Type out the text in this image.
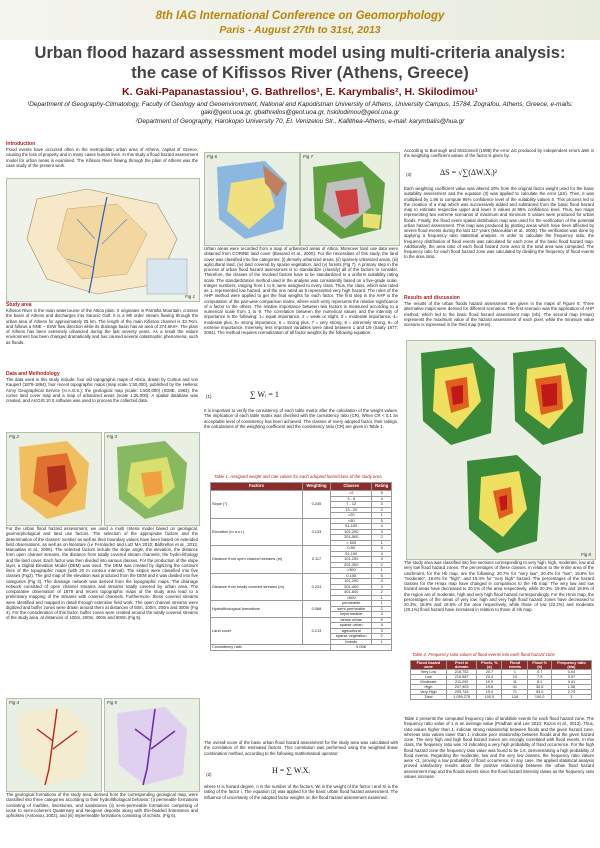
8th IAG International Conference on Geomorphology
Paris - August 27th to 31st, 2013
Urban flood hazard assessment model using multi-criteria analysis:
the case of Kifissos River (Athens, Greece)
K. Gaki-Papanastassiou¹, G. Bathrellos¹, E. Karymbalis², H. Skilodimou¹
¹Department of Geography-Climatology, Faculty of Geology and Geoenvironment, National and Kapodistrian University of Athens, University Campus, 15784, Zografou, Athens, Greece, e-mails: gaki@geol.uoa.gr, gbathrellos@geol.uoa.gr, hskilodimou@geol.uoa.gr
²Department of Geography, Harokopio University 70, El. Venizelou Str., Kallithea-Athens, e-mail: karymbalis@hua.gr
Introduction
Flood events have occurred often in the metropolitan urban area of Athens, capital of Greece, causing the loss of property and in many cases human lives. In this study a flood hazard assessment model for urban areas is examined. The Kifissos River flowing through the plain of Athens was the case study of the present work.
Fig 1
Study area
Kifissos River is the main watercourse of the Attica plain. It originates in Parnitha Mountain, crosses the basin of Athens and discharges into Saronic Gulf. It is a 9th order stream flowing through the urban area of Athens for approximately 25 km. The length of the main Kifissos channel is 33.7Km, and follows a NNE – SSW flow direction while its drainage basin has an area of 374.6Km². The plain of Athens has been extremely urbanized during the last seventy years. As a result the nature environment has been changed dramatically and has caused several catastrophic phenomena, such as floods.
Data and Methodology
The data used in this study include: four old topographic maps of Attica, drawn by Curtius and von Kaupert (1878-1894), four recent topographic maps (map scale 1:50,000), published by the Hellenic Army Geographical Service (H.A.G.S.); the geological map (scale: 1:500,000) (IGME, 1983); the corine land cover map and a map of urbanized areas (scale 1:25,000). A spatial database was created, and ArcGIS 10.0 software was used to process the collected data.
Fig 2	Fig 3
For the urban flood hazard assessment, we used a multi criteria model based on geological, geomorphological and land use factors. The selection of the appropriate factors and the determination of the classes' number as well as their boundary values have been based on extended field observations, as well as on literature (i.e Fernández and Lutz MA 2010; Bathrellos et al., 2013, Marouklan et al., 2005). The selected factors include the slope angle, the elevation, the distance from open channel streams, the distance from totally covered stream channels, the hydro-lithology and the land cover. Each factor was then divided into various classes. For the production of the slope layer, a Digital Elevation Model (DEM) was used. The DEM was created by digitizing the contours lines of the topographic maps (with 20 m contour interval). The slopes were classified into five classes (Fig2). The grid map of the elevation was produced from the DEM and it was divided into five categories (Fig 3). The drainage network was derived from the topographic maps. The drainage network consisted of open channel streams and streams totally covered by urban area. The comparative observation of 1878 and recent topographic maps of the study area lead to a preliminary mapping of the streams with covered channels. Furthermore, these covered streams were identified and mapped in detail through extensive field work. The open channel streams were digitized and buffer zones were drawn around them at distances of 50m, 100m, 200m and 300m (Fig 4). For the consideration of this factor, buffer zones were created around the totally covered streams of the study area, at distances of 100m, 200m, 400m and 600m (Fig 5).
Fig 4	Fig 5
The geological formations of the study area, derived from the corresponding geological map, were classified into three categories according to their hydrolithological behavior: (i) permeable formations consisting of marbles, limestones, and sandstones (ii) semi-permeable formations comprising of loose to semi-coherent Quaternary and Neogene deposits along with thin-bedded limestones and ophiolites (Antoniou, 2002), and (iii) impermeable formations consisting of schists. (Fig 6).
Fig 6	Fig 7
Urban areas were recorded from a map of urbanized areas of Attica. Moreover land use data were obtained from CORINE land cover (Bossard et al., 2000). For the necessities of this study, the land cover was classified into five categories: (i) densely urbanized areas, (ii) sparsely urbanized areas, (iii) agricultural land, (iv) land covered by sparse vegetation, and (v) forests (Fig 7). A primary step in the process of urban flood hazard assessment is to standardize (classify) all of the factors to consider. Therefore, the classes of the involved factors have to be standardized to a uniform suitability rating scale. The standardization method used in the analysis was consistently based on a five-grade scale. Integer numbers, ranging from 1 to 5, were assigned to every class. Thus, the class, which was rated as 1, represented low hazard, and the one rated as 5 represented very high hazard. The rules of the AHP method were applied to get the final weights for each factor. The first step in the AHP is the computation of the pair-wise comparison matrix, where each entry represents the relative significance of a factor to the others. The relative importance between two factors is measured according to a numerical scale from 1 to 9. The correlation between the numerical values and the intensity of importance is the following: 1= equal importance, 2 = weak or slight, 3 = moderate importance, 4= moderate plus, 5= strong importance, 6 = strong plus, 7 = very strong, 8 = extremely strong, 9= of extreme importance. Inversely, less important variables were rated between 1 and 1/9 (Saaty 1977; 2004). The method requires normalization of all factor weights by the following equation:
(1)	∑ Wᵢ = 1
It is important to verify the consistency of each table matrix after the calculation of the weight values. The implication of each table matrix was checked with the consistency ratio (CR). When CR < 0.1 an acceptable level of consistency has been achieved. The classes of every adopted factor, their ratings, the calculations of the weighting coefficient and the consistency ratio (CR) are given in Table 1.
Table 1. Assigned weight and rate values for each adopted factor/class of the study area
Factors	Weighting	Classes	Rating
Slope (°)	0.245	<2	5
		3 - 6	4
		7 - 12	3
		13 - 20	2
		>20	1
Elevation (m a.s.l.)	0.133	<50	5
		51-100	4
		101-200	3
		201-500	2
		> 500	1
Distance from open channel streams (m)	0.117	0-50	5
		51-100	4
		101-200	3
		201-300	2
		>300	1
Distance from totally covered streams (m)	0.224	0-100	5
		101-200	4
		201-400	3
		401-600	2
		>600	1
Hydrolithological formations	0.068	permeable	1
		semi-permeable	2
		impermeable	3
Land cover	0.213	dense urban	5
		sparse urban	4
		agricultural	3
		sparse vegetation	2
		forests	1
Consistency ratio		0.006	
The overall score of the basic urban flood hazard assessment for the study area was calculated with the correlation of the estimated factors. This correlation was performed using the weighted linear combination method, according to the following mathematical operator:
(2)	H = ∑ WᵢXᵢ
where H is hazard degree, n is the number of the factors, Wi is the weight of the factor i and Xi is the rating of the factor i. The equation (2) was applied for the basic urban flood hazard assessment. The influence of uncertainty of the adopted factor weights on the flood hazard assessment examined.
According to Burrough and McDonnell (1998) the error ΔS produced by independent errors ΔWi in the weighting coefficient values of the factor is given by:
(3)	ΔS = √∑(ΔWᵢXᵢ)²
Each weighting coefficient value was altered 20% from the original factor weight used for the basic suitability assessment and the equation (3) was applied to calculate the error (ΔS). Then, it was multiplied by 1.96 to compute 95% confidence level of the suitability values S. This process led to the creation of a map which was successively added and subtracted from the basic flood hazard map to estimate respective upper and lower S values at 95% confidence level. Thus, two maps representing two extreme scenarios of maximum and minimum S values were produced for urban floods. Finally, the flood event spatial distribution map was used for the verification of the potential urban hazard assessment. This map was produced by plotting areas which have been affected by severe flood events during the last 117 years (Marouklan et al., 2005). The verification was done by applying a frequency ratio statistical analysis. In order to calculate the frequency ratio, the frequency distribution of flood events was calculated for each zone of the basic flood hazard map. Additionally, the area ratio of each flood hazard zone area to the total area was computed. The frequency ratio for each flood hazard zone was calculated by dividing the frequency of flood events to the area ratio.
Results and discussion
The results of the urban floods hazard assessment are given in the maps of Figure 8. Three alternative maps were derived for different scenarios. The first scenario was the application of AHP method, which led to the basic flood hazard assessment map (Hb). The second map (Hmax) represents the maximum value of the hazard assessment of each pixel, while the minimum value scenario is expressed in the third map (Hmin).
Fig 8
The study area was classified into five sections corresponding to very high, high, moderate, low and very low flood hazard zones. The percentages of these classes, in relation to the entire area of the catchment, for the Hb map, are the following: 20.7% for "very low", 20.4% for "low", 19.9% for "moderate", 19.6% for "high", and 19.4% for "very high" hazard. The percentages of the hazard classes for the Hmax map have changed in comparison to the Hb map. The very low and low hazard areas have decreased to 20.1% of the area respectively, while 20.3%, 19.8% and 19.6% of the region are of moderate, high and very high flood hazard correspondingly. For the Hmin map, the percentages of the areas of very low, high and very high flood hazard zones have decreased to 20.3%, 18.8% and 18.6% of the area respectively, while those of low (22.2%) and moderate (20.1%) flood hazard have increased in relation to those of Hb map.
Table 2. Frequency ratio values of flood events into each flood hazard zone
Flood hazard zone	Pixel in domain	Pixels, % (a)	Flood events	Flood % (b)	Frequency ratio (b/a)
Very Low	218,752	20.7	1	0.7	0.04
Low	215,587	20.4	10	7.5	0.37
Moderate	211,292	19.9	11	8.2	0.41
High	207,903	19.6	41	30.6	1.56
Very High	205,743	19.4	71	53.0	2.73
Total	1,059,275	100.0	134	100.0	1
Table 2 presents the computed frequency ratio of landslide events for each flood hazard zone. The frequency ratio value of 1 is an average value (Pradhan and Lee 2010; Rozos et al., 2013). Thus, ratio values higher than 1, indicate strong relationship between floods and the given hazard zone, whereas ratio values lower than 1, indicate poor relationship between floods and the given hazard zone. The very high and high flood hazard zones are strongly correlated with flood events. In this class, the frequency ratio was >2 indicating a very high probability of flood occurrence. For the high flood hazard zone the frequency ratio value was found to be 1.6, demonstrating a high probability of flood events. Regarding the moderate, low and the very low classes, the frequency ratio values were <1, proving a low probability of flood occurrence. In any case, the applied statistical analysis proved satisfactory results about the positive relationship between the urban flood hazard assessment map and the floods events since the flood hazard intensity raises as the frequency ratio values increase.
